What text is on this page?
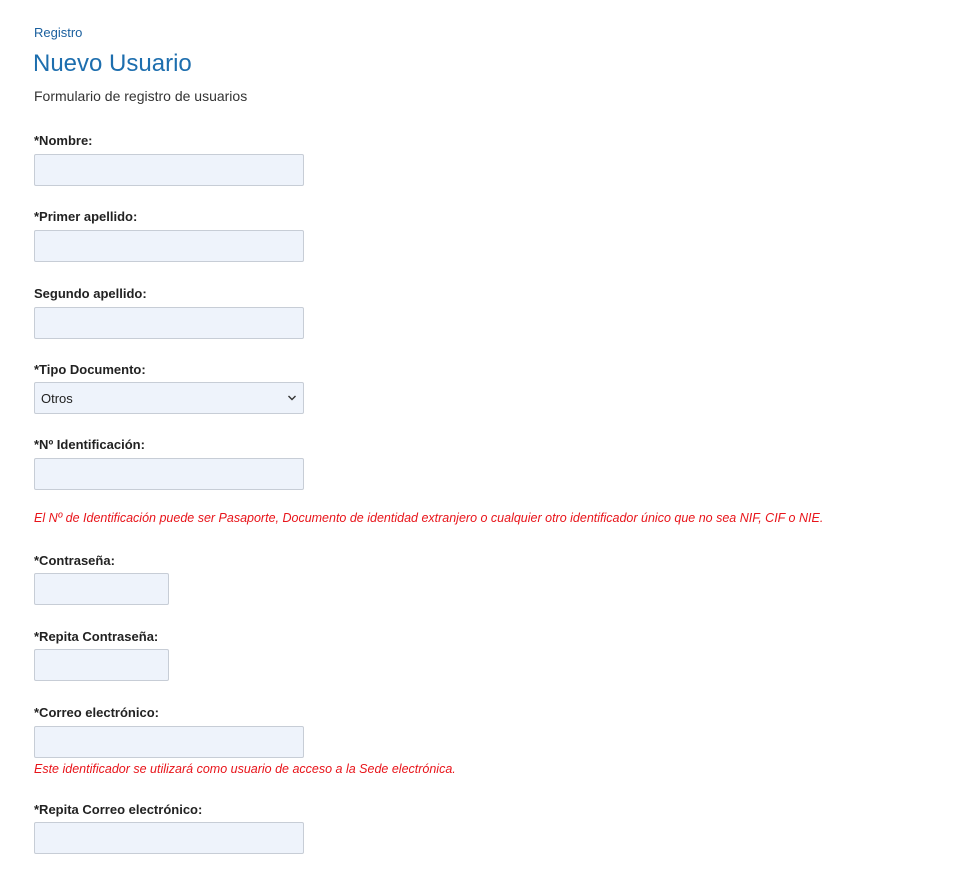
Registro
Nuevo Usuario
Formulario de registro de usuarios
*Nombre:
*Primer apellido:
Segundo apellido:
*Tipo Documento:
Otros
*Nº Identificación:
El Nº de Identificación puede ser Pasaporte, Documento de identidad extranjero o cualquier otro identificador único que no sea NIF, CIF o NIE.
*Contraseña:
*Repita Contraseña:
*Correo electrónico:
Este identificador se utilizará como usuario de acceso a la Sede electrónica.
*Repita Correo electrónico:
